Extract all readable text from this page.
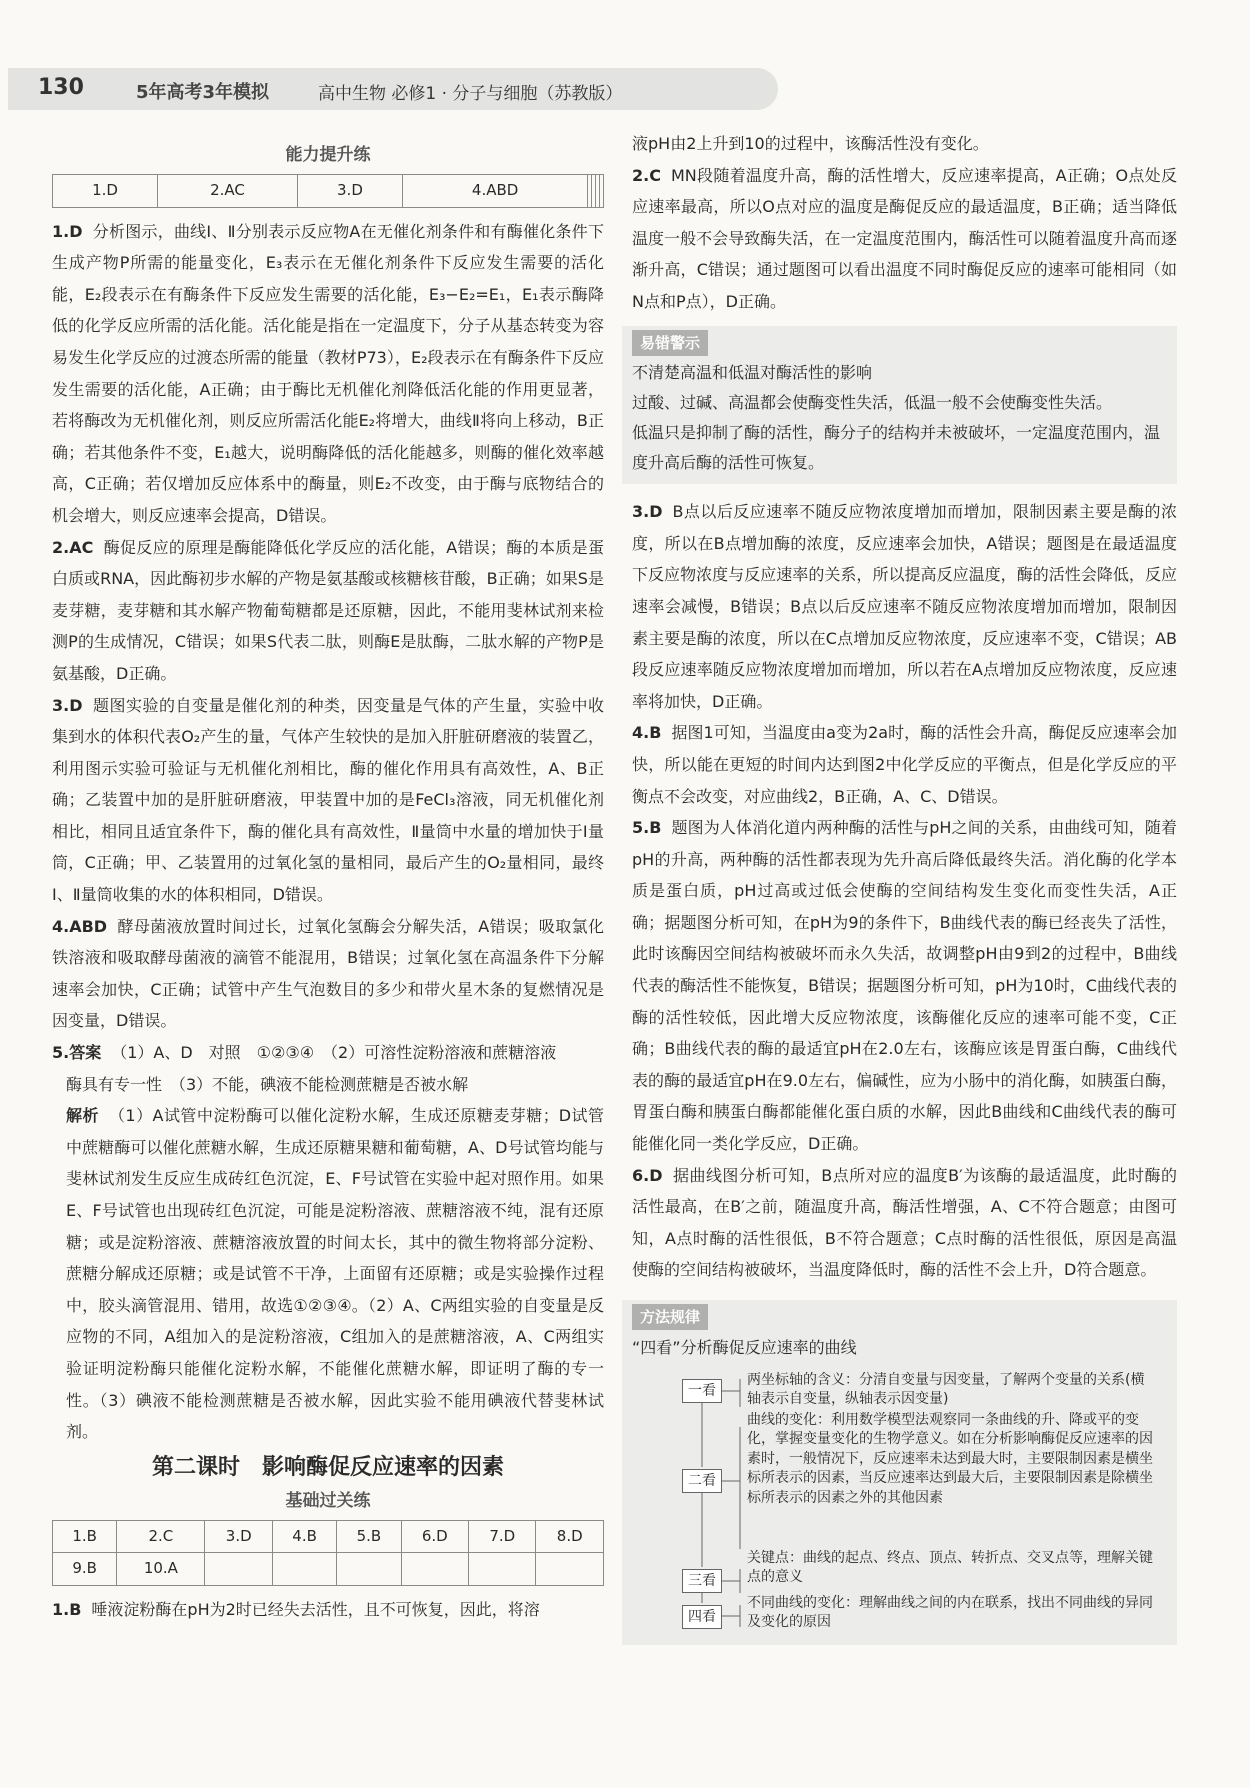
130	5年高考3年模拟	高中生物 必修1 · 分子与细胞（苏教版）
能力提升练
1.D	2.AC	3.D	4.ABD				
1.D 分析图示，曲线Ⅰ、Ⅱ分别表示反应物A在无催化剂条件和有酶催化条件下生成产物P所需的能量变化，E₃表示在无催化剂条件下反应发生需要的活化能，E₂段表示在有酶条件下反应发生需要的活化能，E₃−E₂=E₁，E₁表示酶降低的化学反应所需的活化能。活化能是指在一定温度下，分子从基态转变为容易发生化学反应的过渡态所需的能量（教材P73），E₂段表示在有酶条件下反应发生需要的活化能，A正确；由于酶比无机催化剂降低活化能的作用更显著，若将酶改为无机催化剂，则反应所需活化能E₂将增大，曲线Ⅱ将向上移动，B正确；若其他条件不变，E₁越大，说明酶降低的活化能越多，则酶的催化效率越高，C正确；若仅增加反应体系中的酶量，则E₂不改变，由于酶与底物结合的机会增大，则反应速率会提高，D错误。
2.AC 酶促反应的原理是酶能降低化学反应的活化能，A错误；酶的本质是蛋白质或RNA，因此酶初步水解的产物是氨基酸或核糖核苷酸，B正确；如果S是麦芽糖，麦芽糖和其水解产物葡萄糖都是还原糖，因此，不能用斐林试剂来检测P的生成情况，C错误；如果S代表二肽，则酶E是肽酶，二肽水解的产物P是氨基酸，D正确。
3.D 题图实验的自变量是催化剂的种类，因变量是气体的产生量，实验中收集到水的体积代表O₂产生的量，气体产生较快的是加入肝脏研磨液的装置乙，利用图示实验可验证与无机催化剂相比，酶的催化作用具有高效性，A、B正确；乙装置中加的是肝脏研磨液，甲装置中加的是FeCl₃溶液，同无机催化剂相比，相同且适宜条件下，酶的催化具有高效性，Ⅱ量筒中水量的增加快于Ⅰ量筒，C正确；甲、乙装置用的过氧化氢的量相同，最后产生的O₂量相同，最终Ⅰ、Ⅱ量筒收集的水的体积相同，D错误。
4.ABD 酵母菌液放置时间过长，过氧化氢酶会分解失活，A错误；吸取氯化铁溶液和吸取酵母菌液的滴管不能混用，B错误；过氧化氢在高温条件下分解速率会加快，C正确；试管中产生气泡数目的多少和带火星木条的复燃情况是因变量，D错误。
5.答案 （1）A、D　对照　①②③④　（2）可溶性淀粉溶液和蔗糖溶液
酶具有专一性　（3）不能，碘液不能检测蔗糖是否被水解
解析 （1）A试管中淀粉酶可以催化淀粉水解，生成还原糖麦芽糖；D试管中蔗糖酶可以催化蔗糖水解，生成还原糖果糖和葡萄糖，A、D号试管均能与斐林试剂发生反应生成砖红色沉淀，E、F号试管在实验中起对照作用。如果E、F号试管也出现砖红色沉淀，可能是淀粉溶液、蔗糖溶液不纯，混有还原糖；或是淀粉溶液、蔗糖溶液放置的时间太长，其中的微生物将部分淀粉、蔗糖分解成还原糖；或是试管不干净，上面留有还原糖；或是实验操作过程中，胶头滴管混用、错用，故选①②③④。（2）A、C两组实验的自变量是反应物的不同，A组加入的是淀粉溶液，C组加入的是蔗糖溶液，A、C两组实验证明淀粉酶只能催化淀粉水解，不能催化蔗糖水解，即证明了酶的专一性。（3）碘液不能检测蔗糖是否被水解，因此实验不能用碘液代替斐林试剂。
第二课时　影响酶促反应速率的因素
基础过关练
1.B	2.C	3.D	4.B	5.B	6.D	7.D	8.D
9.B	10.A						
1.B 唾液淀粉酶在pH为2时已经失去活性，且不可恢复，因此，将溶
液pH由2上升到10的过程中，该酶活性没有变化。
2.C MN段随着温度升高，酶的活性增大，反应速率提高，A正确；O点处反应速率最高，所以O点对应的温度是酶促反应的最适温度，B正确；适当降低温度一般不会导致酶失活，在一定温度范围内，酶活性可以随着温度升高而逐渐升高，C错误；通过题图可以看出温度不同时酶促反应的速率可能相同（如N点和P点），D正确。
易错警示
不清楚高温和低温对酶活性的影响
过酸、过碱、高温都会使酶变性失活，低温一般不会使酶变性失活。
低温只是抑制了酶的活性，酶分子的结构并未被破坏，一定温度范围内，温度升高后酶的活性可恢复。
3.D B点以后反应速率不随反应物浓度增加而增加，限制因素主要是酶的浓度，所以在B点增加酶的浓度，反应速率会加快，A错误；题图是在最适温度下反应物浓度与反应速率的关系，所以提高反应温度，酶的活性会降低，反应速率会减慢，B错误；B点以后反应速率不随反应物浓度增加而增加，限制因素主要是酶的浓度，所以在C点增加反应物浓度，反应速率不变，C错误；AB段反应速率随反应物浓度增加而增加，所以若在A点增加反应物浓度，反应速率将加快，D正确。
4.B 据图1可知，当温度由a变为2a时，酶的活性会升高，酶促反应速率会加快，所以能在更短的时间内达到图2中化学反应的平衡点，但是化学反应的平衡点不会改变，对应曲线2，B正确，A、C、D错误。
5.B 题图为人体消化道内两种酶的活性与pH之间的关系，由曲线可知，随着pH的升高，两种酶的活性都表现为先升高后降低最终失活。消化酶的化学本质是蛋白质，pH过高或过低会使酶的空间结构发生变化而变性失活，A正确；据题图分析可知，在pH为9的条件下，B曲线代表的酶已经丧失了活性，此时该酶因空间结构被破坏而永久失活，故调整pH由9到2的过程中，B曲线代表的酶活性不能恢复，B错误；据题图分析可知，pH为10时，C曲线代表的酶的活性较低，因此增大反应物浓度，该酶催化反应的速率可能不变，C正确；B曲线代表的酶的最适宜pH在2.0左右，该酶应该是胃蛋白酶，C曲线代表的酶的最适宜pH在9.0左右，偏碱性，应为小肠中的消化酶，如胰蛋白酶，胃蛋白酶和胰蛋白酶都能催化蛋白质的水解，因此B曲线和C曲线代表的酶可能催化同一类化学反应，D正确。
6.D 据曲线图分析可知，B点所对应的温度B′为该酶的最适温度，此时酶的活性最高，在B′之前，随温度升高，酶活性增强，A、C不符合题意；由图可知，A点时酶的活性很低，B不符合题意；C点时酶的活性很低，原因是高温使酶的空间结构被破坏，当温度降低时，酶的活性不会上升，D符合题意。
方法规律
“四看”分析酶促反应速率的曲线
一看
两坐标轴的含义：分清自变量与因变量，了解两个变量的关系(横轴表示自变量，纵轴表示因变量)
二看
曲线的变化：利用数学模型法观察同一条曲线的升、降或平的变化，掌握变量变化的生物学意义。如在分析影响酶促反应速率的因素时，一般情况下，反应速率未达到最大时，主要限制因素是横坐标所表示的因素，当反应速率达到最大后，主要限制因素是除横坐标所表示的因素之外的其他因素
三看
关键点：曲线的起点、终点、顶点、转折点、交叉点等，理解关键点的意义
四看
不同曲线的变化：理解曲线之间的内在联系，找出不同曲线的异同及变化的原因
